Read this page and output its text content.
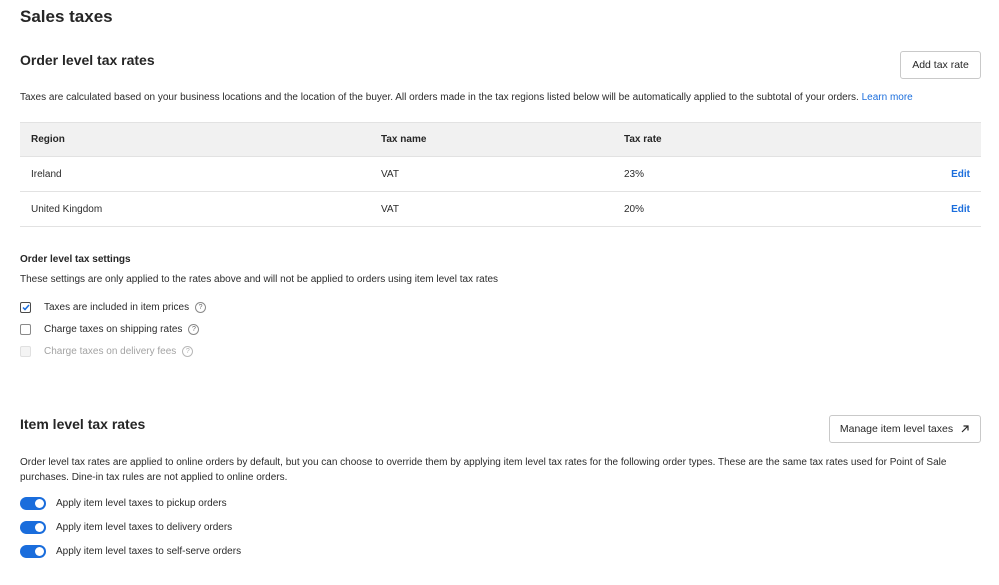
Sales taxes
Order level tax rates	Add tax rate
Taxes are calculated based on your business locations and the location of the buyer. All orders made in the tax regions listed below will be automatically applied to the subtotal of your orders. Learn more
Region	Tax name	Tax rate
Ireland	VAT	23%	Edit
United Kingdom	VAT	20%	Edit
Order level tax settings
These settings are only applied to the rates above and will not be applied to orders using item level tax rates
Taxes are included in item prices	?
Charge taxes on shipping rates	?
Charge taxes on delivery fees	?
Item level tax rates	Manage item level taxes
Order level tax rates are applied to online orders by default, but you can choose to override them by applying item level tax rates for the following order types. These are the same tax rates used for Point of Sale
purchases. Dine-in tax rules are not applied to online orders.
Apply item level taxes to pickup orders
Apply item level taxes to delivery orders
Apply item level taxes to self-serve orders
